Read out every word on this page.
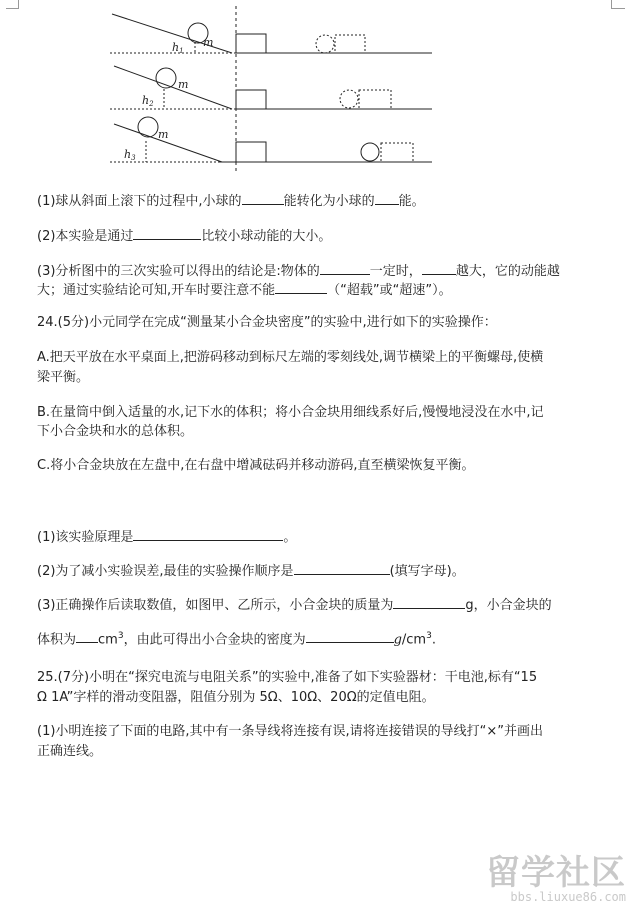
h1
m
h2
m
h3
m
(1)球从斜面上滚下的过程中,小球的	能转化为小球的 能。
(2)本实验是通过	比较小球动能的大小。
(3)分析图中的三次实验可以得出的结论是:物体的	一定时，	越大，它的动能越
大；通过实验结论可知,开车时要注意不能	（“超载”或“超速”）。
24.(5分)小元同学在完成“测量某小合金块密度”的实验中,进行如下的实验操作：
A.把天平放在水平桌面上,把游码移动到标尺左端的零刻线处,调节横梁上的平衡螺母,使横
梁平衡。
B.在量筒中倒入适量的水,记下水的体积；将小合金块用细线系好后,慢慢地浸没在水中,记
下小合金块和水的总体积。
C.将小合金块放在左盘中,在右盘中增减砝码并移动游码,直至横梁恢复平衡。
(1)该实验原理是	。
(2)为了减小实验误差,最佳的实验操作顺序是	(填写字母)。
(3)正确操作后读取数值，如图甲、乙所示，小合金块的质量为	g，小合金块的
体积为 $cm^3$，由此可得出小合金块的密度为	$g/cm^3$.
25.(7分)小明在“探究电流与电阻关系”的实验中,准备了如下实验器材：干电池,标有“15
Ω 1A”字样的滑动变阻器，阻值分别为 5Ω、10Ω、20Ω的定值电阻。
(1)小明连接了下面的电路,其中有一条导线将连接有误,请将连接错误的导线打“×”并画出
正确连线。
留学社区
bbs.liuxue86.com
